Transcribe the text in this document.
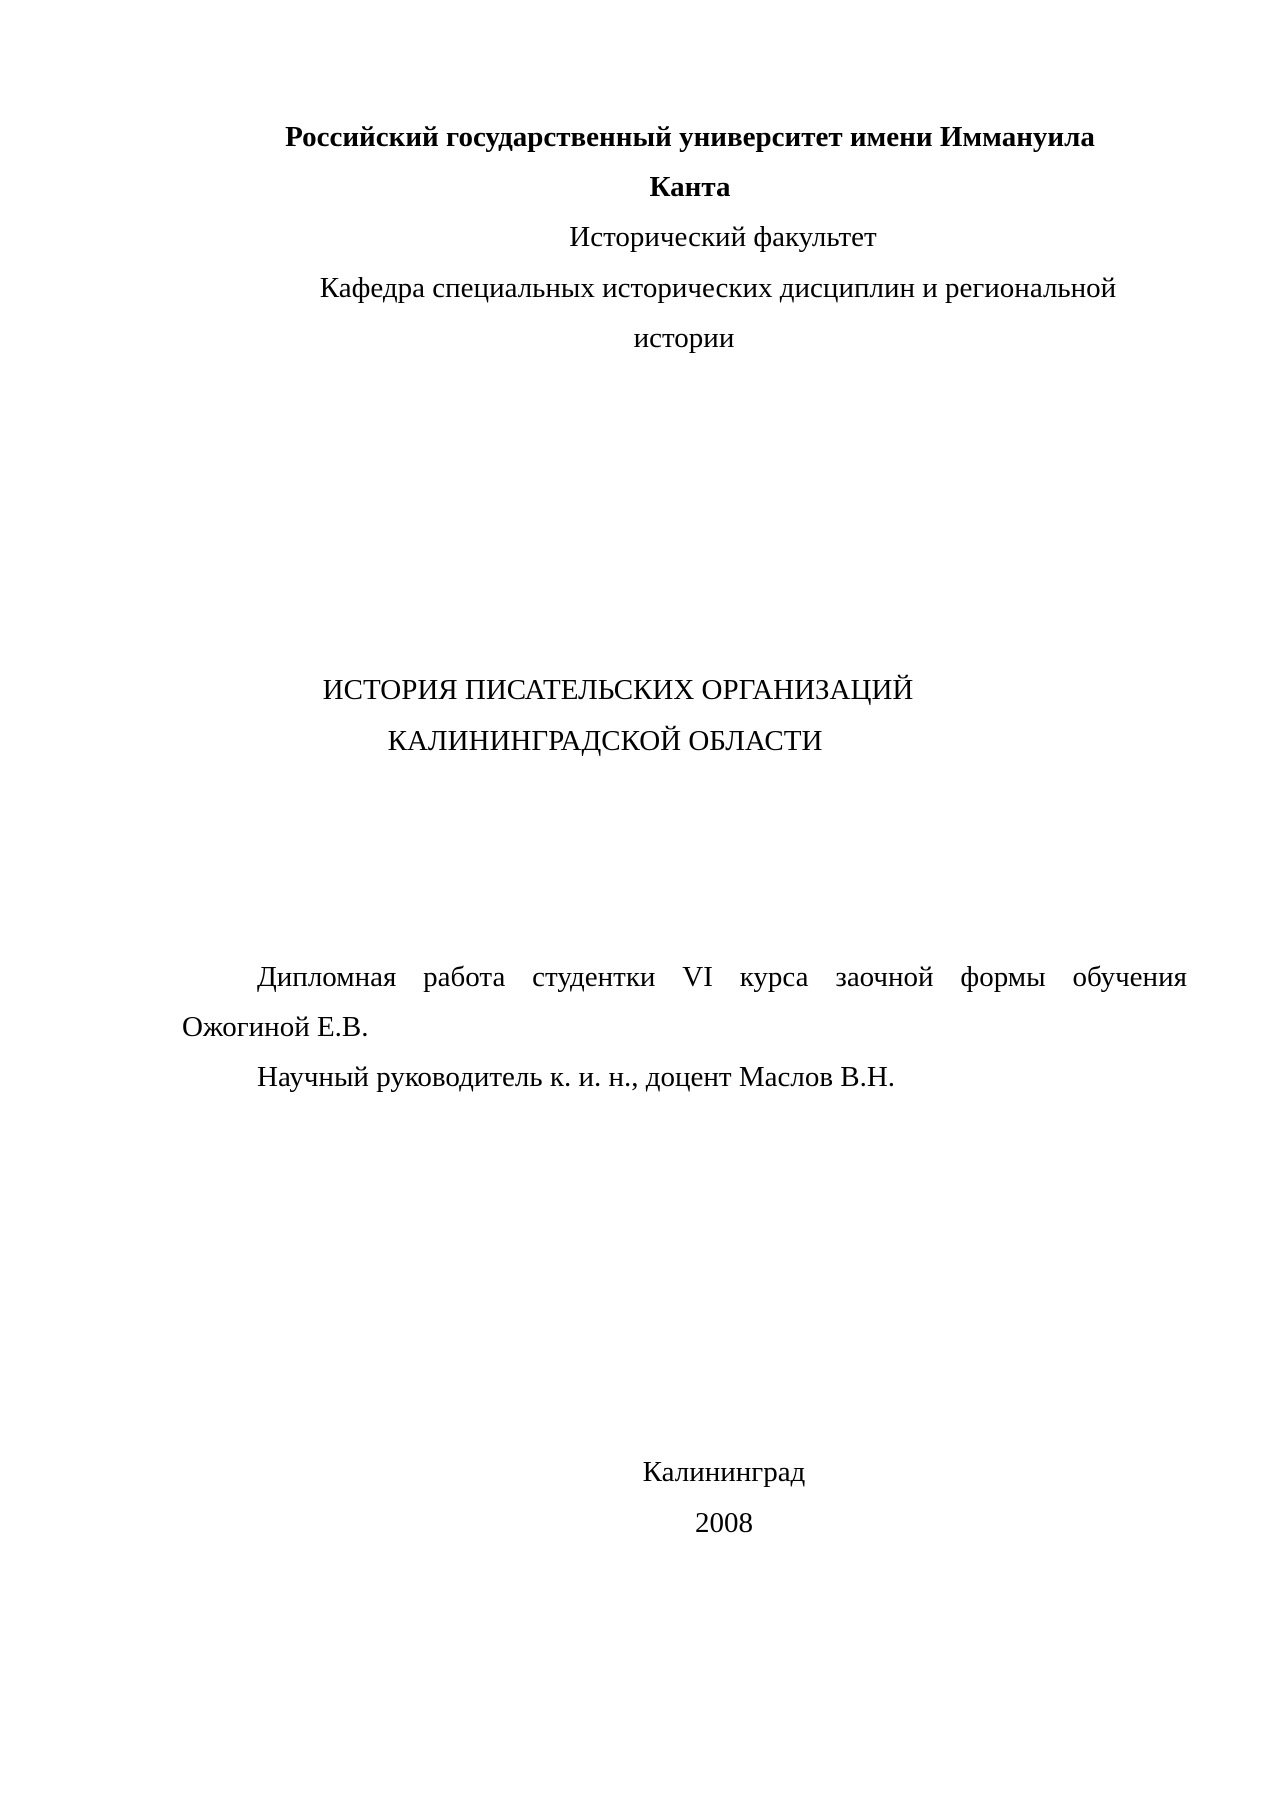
Российский государственный университет имени Иммануила
Канта
Исторический факультет
Кафедра специальных исторических дисциплин и региональной
истории
ИСТОРИЯ ПИСАТЕЛЬСКИХ ОРГАНИЗАЦИЙ
КАЛИНИНГРАДСКОЙ ОБЛАСТИ
Дипломная работа студентки VI курса заочной формы обучения
Ожогиной Е.В.
Научный руководитель к. и. н., доцент Маслов В.Н.
Калининград
2008
